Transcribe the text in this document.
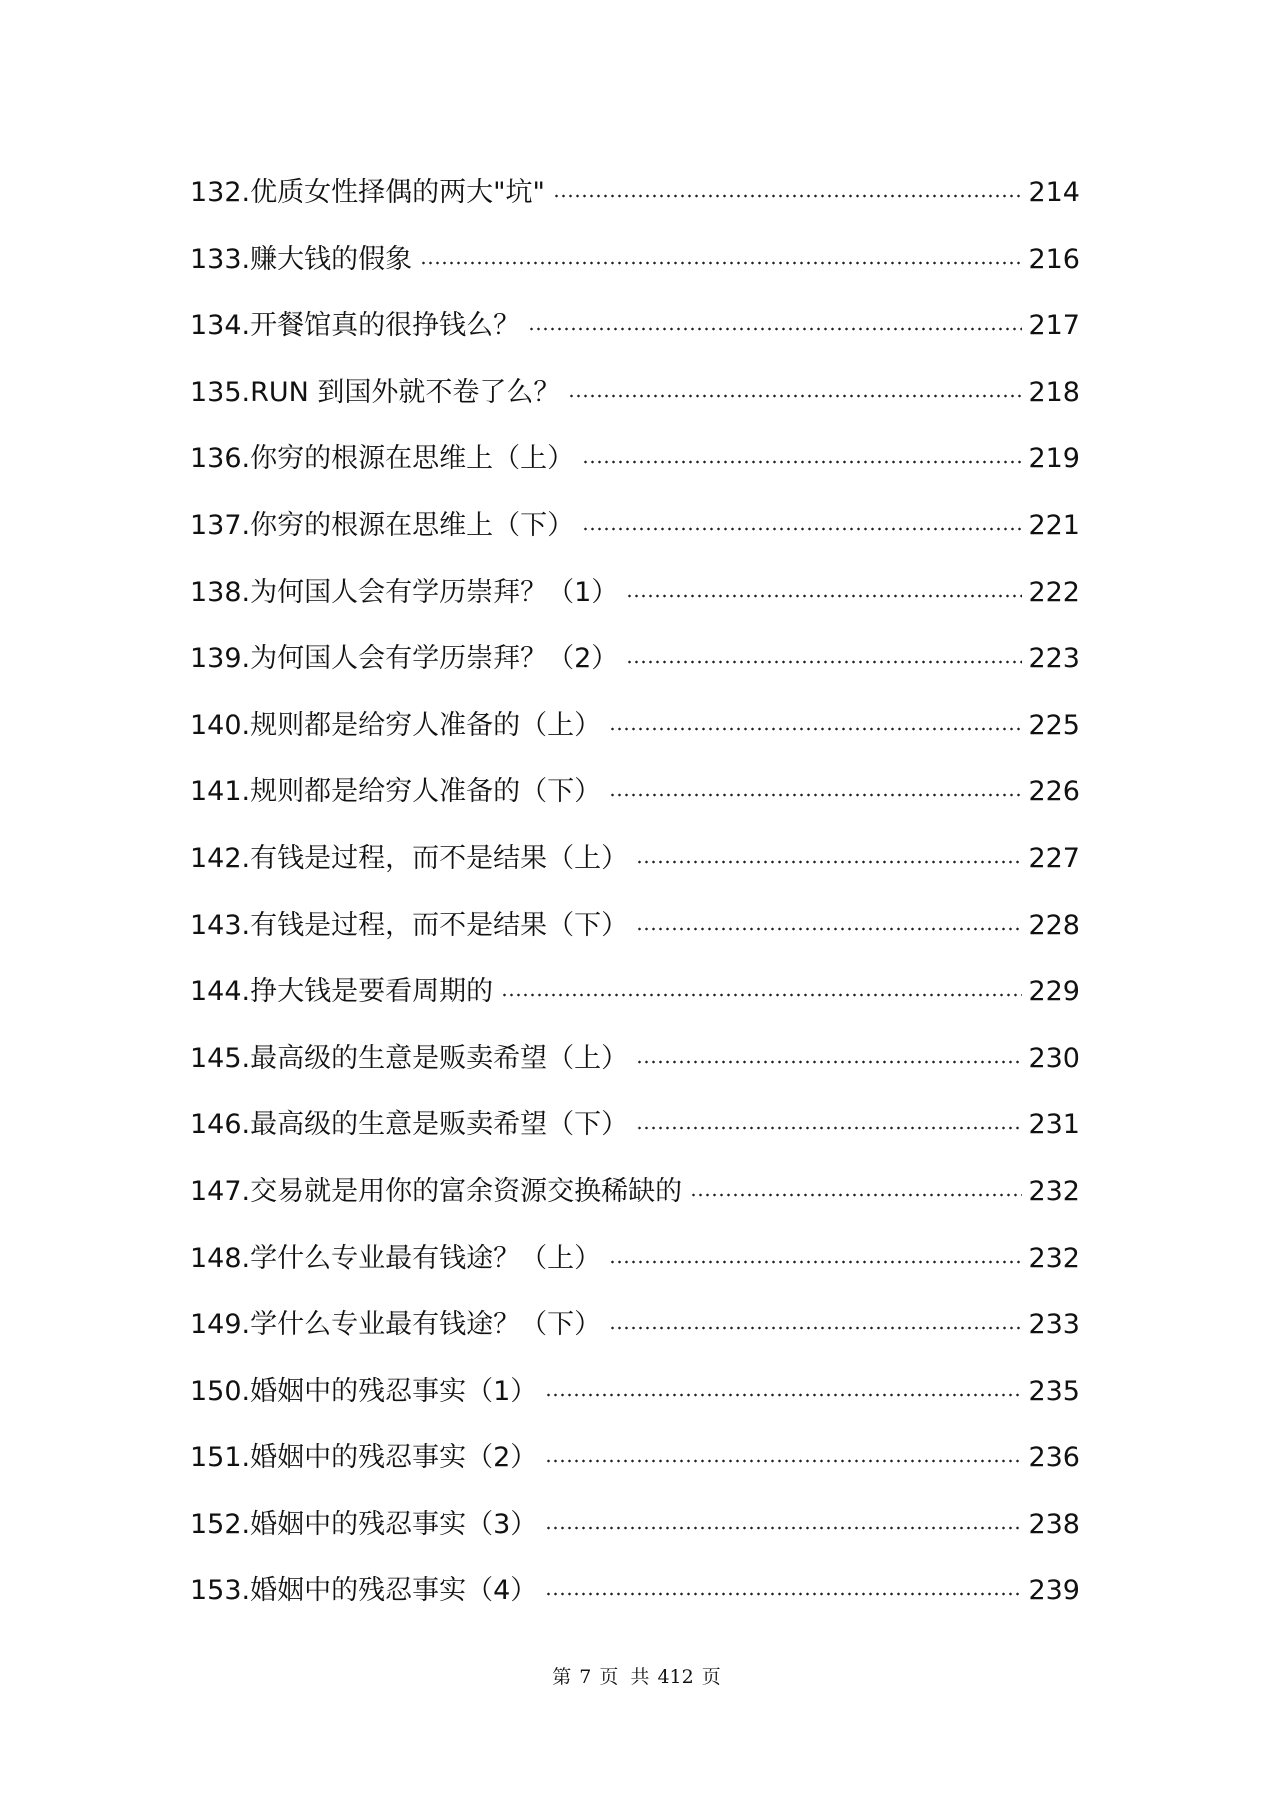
132.优质女性择偶的两大"坑"	214
133.赚大钱的假象	216
134.开餐馆真的很挣钱么？	217
135.RUN 到国外就不卷了么？	218
136.你穷的根源在思维上（上）	219
137.你穷的根源在思维上（下）	221
138.为何国人会有学历崇拜？（1）	222
139.为何国人会有学历崇拜？（2）	223
140.规则都是给穷人准备的（上）	225
141.规则都是给穷人准备的（下）	226
142.有钱是过程，而不是结果（上）	227
143.有钱是过程，而不是结果（下）	228
144.挣大钱是要看周期的	229
145.最高级的生意是贩卖希望（上）	230
146.最高级的生意是贩卖希望（下）	231
147.交易就是用你的富余资源交换稀缺的	232
148.学什么专业最有钱途？（上）	232
149.学什么专业最有钱途？（下）	233
150.婚姻中的残忍事实（1）	235
151.婚姻中的残忍事实（2）	236
152.婚姻中的残忍事实（3）	238
153.婚姻中的残忍事实（4）	239
第 7 页 共 412 页
